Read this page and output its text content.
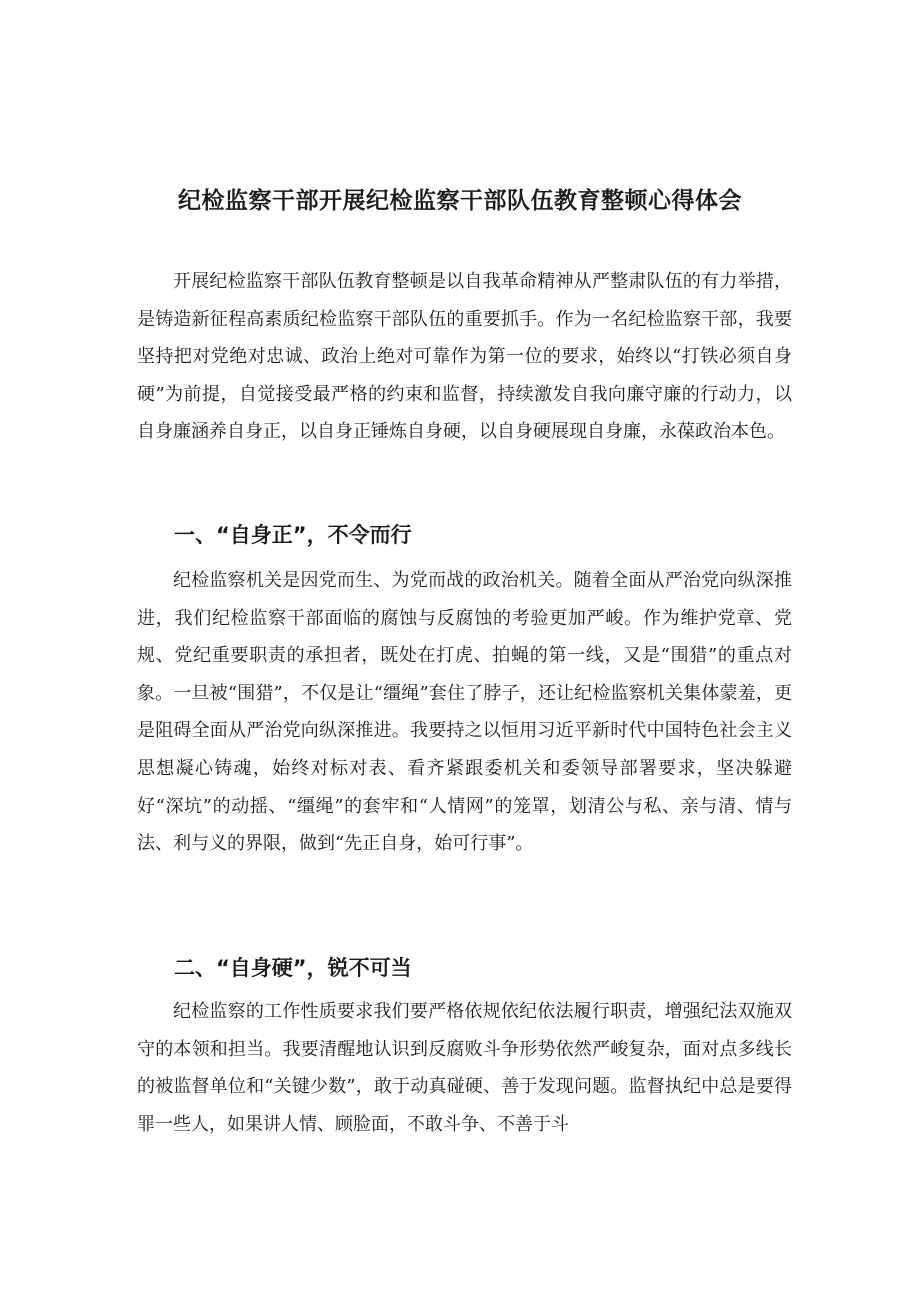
纪检监察干部开展纪检监察干部队伍教育整顿心得体会

开展纪检监察干部队伍教育整顿是以自我革命精神从严整肃队伍的有力举措，是铸造新征程高素质纪检监察干部队伍的重要抓手。作为一名纪检监察干部，我要坚持把对党绝对忠诚、政治上绝对可靠作为第一位的要求，始终以“打铁必须自身硬”为前提，自觉接受最严格的约束和监督，持续激发自我向廉守廉的行动力，以自身廉涵养自身正，以自身正锤炼自身硬，以自身硬展现自身廉，永葆政治本色。

一、“自身正”，不令而行

纪检监察机关是因党而生、为党而战的政治机关。随着全面从严治党向纵深推进，我们纪检监察干部面临的腐蚀与反腐蚀的考验更加严峻。作为维护党章、党规、党纪重要职责的承担者，既处在打虎、拍蝇的第一线，又是“围猎”的重点对象。一旦被“围猎”，不仅是让“缰绳”套住了脖子，还让纪检监察机关集体蒙羞，更是阻碍全面从严治党向纵深推进。我要持之以恒用习近平新时代中国特色社会主义思想凝心铸魂，始终对标对表、看齐紧跟委机关和委领导部署要求，坚决躲避好“深坑”的动摇、“缰绳”的套牢和“人情网”的笼罩，划清公与私、亲与清、情与法、利与义的界限，做到“先正自身，始可行事”。

二、“自身硬”，锐不可当

纪检监察的工作性质要求我们要严格依规依纪依法履行职责，增强纪法双施双守的本领和担当。我要清醒地认识到反腐败斗争形势依然严峻复杂，面对点多线长的被监督单位和“关键少数”，敢于动真碰硬、善于发现问题。监督执纪中总是要得罪一些人，如果讲人情、顾脸面，不敢斗争、不善于斗
